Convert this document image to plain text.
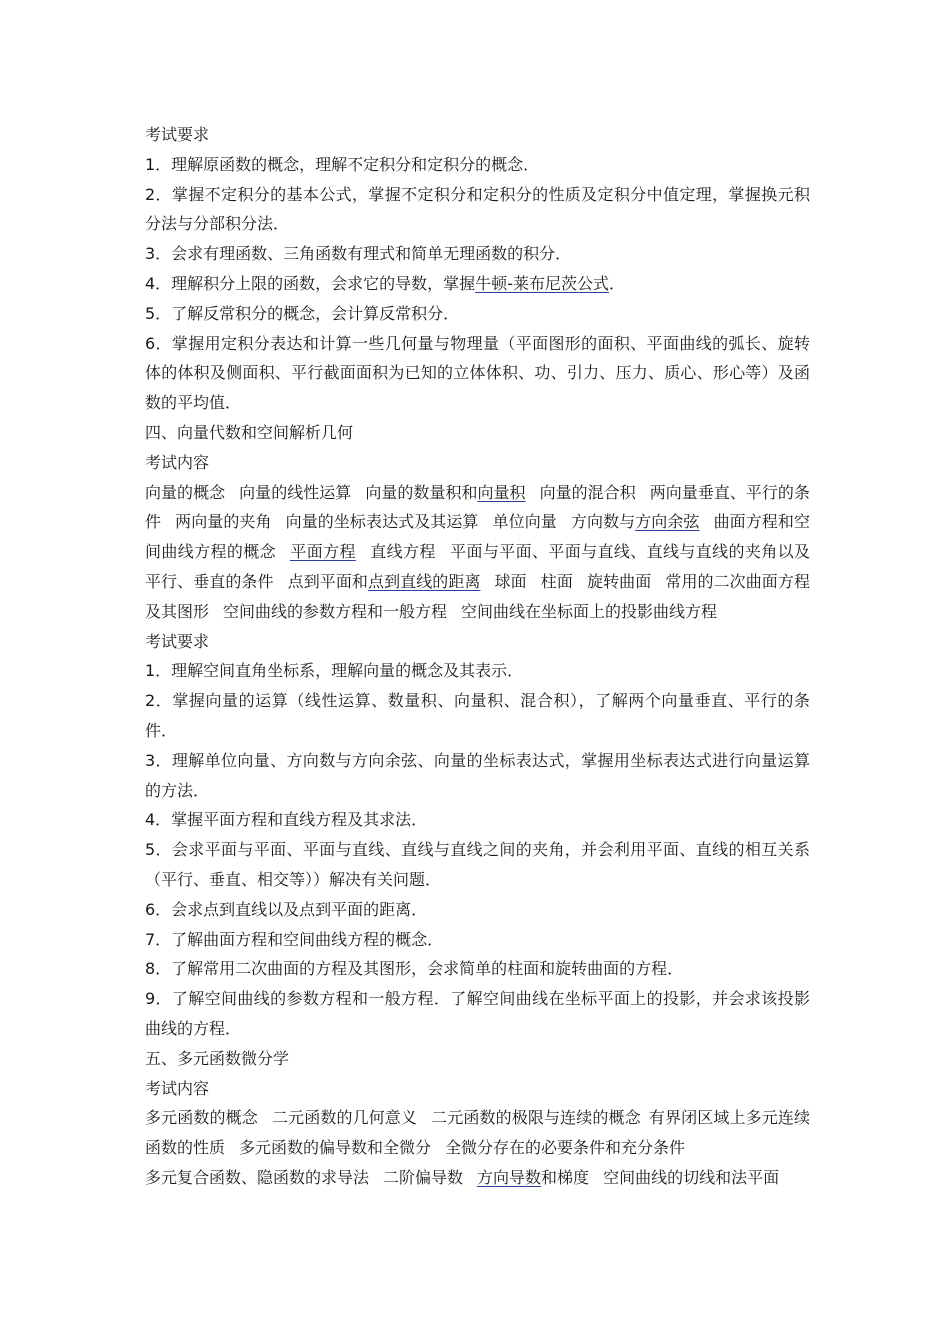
考试要求

1．理解原函数的概念，理解不定积分和定积分的概念．

2．掌握不定积分的基本公式，掌握不定积分和定积分的性质及定积分中值定理，掌握换元积分法与分部积分法．

3．会求有理函数、三角函数有理式和简单无理函数的积分．

4．理解积分上限的函数，会求它的导数，掌握牛顿-莱布尼茨公式．

5．了解反常积分的概念，会计算反常积分．

6．掌握用定积分表达和计算一些几何量与物理量（平面图形的面积、平面曲线的弧长、旋转体的体积及侧面积、平行截面面积为已知的立体体积、功、引力、压力、质心、形心等）及函数的平均值．

四、向量代数和空间解析几何

考试内容

向量的概念 向量的线性运算 向量的数量积和向量积 向量的混合积 两向量垂直、平行的条件 两向量的夹角 向量的坐标表达式及其运算 单位向量 方向数与方向余弦 曲面方程和空间曲线方程的概念 平面方程 直线方程 平面与平面、平面与直线、直线与直线的夹角以及平行、垂直的条件 点到平面和点到直线的距离 球面 柱面 旋转曲面 常用的二次曲面方程及其图形 空间曲线的参数方程和一般方程 空间曲线在坐标面上的投影曲线方程

考试要求

1．理解空间直角坐标系，理解向量的概念及其表示．

2．掌握向量的运算（线性运算、数量积、向量积、混合积），了解两个向量垂直、平行的条件．

3．理解单位向量、方向数与方向余弦、向量的坐标表达式，掌握用坐标表达式进行向量运算的方法．

4．掌握平面方程和直线方程及其求法．

5．会求平面与平面、平面与直线、直线与直线之间的夹角，并会利用平面、直线的相互关系（平行、垂直、相交等））解决有关问题．

6．会求点到直线以及点到平面的距离．

7．了解曲面方程和空间曲线方程的概念．

8．了解常用二次曲面的方程及其图形，会求简单的柱面和旋转曲面的方程．

9．了解空间曲线的参数方程和一般方程．了解空间曲线在坐标平面上的投影，并会求该投影曲线的方程．

五、多元函数微分学

考试内容

多元函数的概念 二元函数的几何意义 二元函数的极限与连续的概念 有界闭区域上多元连续函数的性质 多元函数的偏导数和全微分 全微分存在的必要条件和充分条件

多元复合函数、隐函数的求导法 二阶偏导数 方向导数和梯度 空间曲线的切线和法平面
